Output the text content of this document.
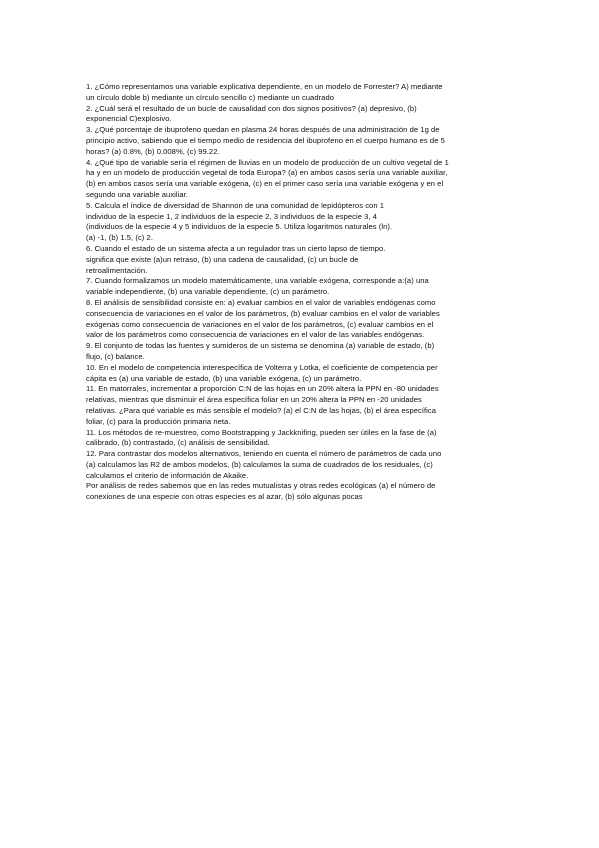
1. ¿Cómo representamos una variable explicativa dependiente, en un modelo de Forrester? A) mediante
un círculo doble b) mediante un círculo sencillo c) mediante un cuadrado
2. ¿Cuál será el resultado de un bucle de causalidad con dos signos positivos? (a) depresivo, (b)
exponencial C)explosivo.
3. ¿Qué porcentaje de ibuprofeno quedan en plasma 24 horas después de una administración de 1g de
principio activo, sabiendo que el tiempo medio de residencia del ibuprofeno en el cuerpo humano es de 5
horas? (a) 0.8%, (b) 0.008%, (c) 99.22.
4. ¿Qué tipo de variable sería el régimen de lluvias en un modelo de producción de un cultivo vegetal de 1
ha y en un modelo de producción vegetal de toda Europa? (a) en ambos casos sería una variable auxiliar,
(b) en ambos casos sería una variable exógena, (c) en el primer caso sería una variable exógena y en el
segundo una variable auxiliar.
5. Calcula el índice de diversidad de Shannon de una comunidad de lepidópteros con 1
individuo de la especie 1, 2 individuos de la especie 2, 3 individuos de la especie 3, 4
(individuos de la especie 4 y 5 individuos de la especie 5. Utiliza logaritmos naturales (ln).
(a) -1, (b) 1.5, (c) 2.
6. Cuando el estado de un sistema afecta a un regulador tras un cierto lapso de tiempo.
significa que existe (a)un retraso, (b) una cadena de causalidad, (c) un bucle de
retroalimentación.
7. Cuando formalizamos un modelo matemáticamente, una variable exógena, corresponde a:(a) una
variable independiente, (b) una variable dependiente, (c) un parámetro.
8. El análisis de sensibilidad consiste en: a) evaluar cambios en el valor de variables endógenas como
consecuencia de variaciones en el valor de los parámetros, (b) evaluar cambios en el valor de variables
exógenas como consecuencia de variaciones en el valor de los parámetros, (c) evaluar cambios en el
valor de los parámetros como consecuencia de variaciones en el valor de las variables endógenas.
9. El conjunto de todas las fuentes y sumideros de un sistema se denomina (a) variable de estado, (b)
flujo, (c) balance.
10. En el modelo de competencia interespecífica de Volterra y Lotka, el coeficiente de competencia per
cápita es (a) una variable de estado, (b) una variable exógena, (c) un parámetro.
11. En matorrales, incrementar a proporción C:N de las hojas en un 20% altera la PPN en -80 unidades
relativas, mientras que disminuir el área específica foliar en un 20% altera la PPN en -20 unidades
relativas. ¿Para qué variable es más sensible el modelo? (a) el C:N de las hojas, (b) el área específica
foliar, (c) para la producción primaria neta.
11. Los métodos de re-muestreo, como Bootstrapping y Jackknifing, pueden ser útiles en la fase de (a)
calibrado, (b) contrastado, (c) análisis de sensibilidad.
12. Para contrastar dos modelos alternativos, teniendo en cuenta el número de parámetros de cada uno
(a) calculamos las R2 de ambos modelos, (b) calculamos la suma de cuadrados de los residuales, (c)
calculamos el criterio de información de Akaike.
Por análisis de redes sabemos que en las redes mutualistas y otras redes ecológicas (a) el número de
conexiones de una especie con otras especies es al azar, (b) sólo algunas pocas
